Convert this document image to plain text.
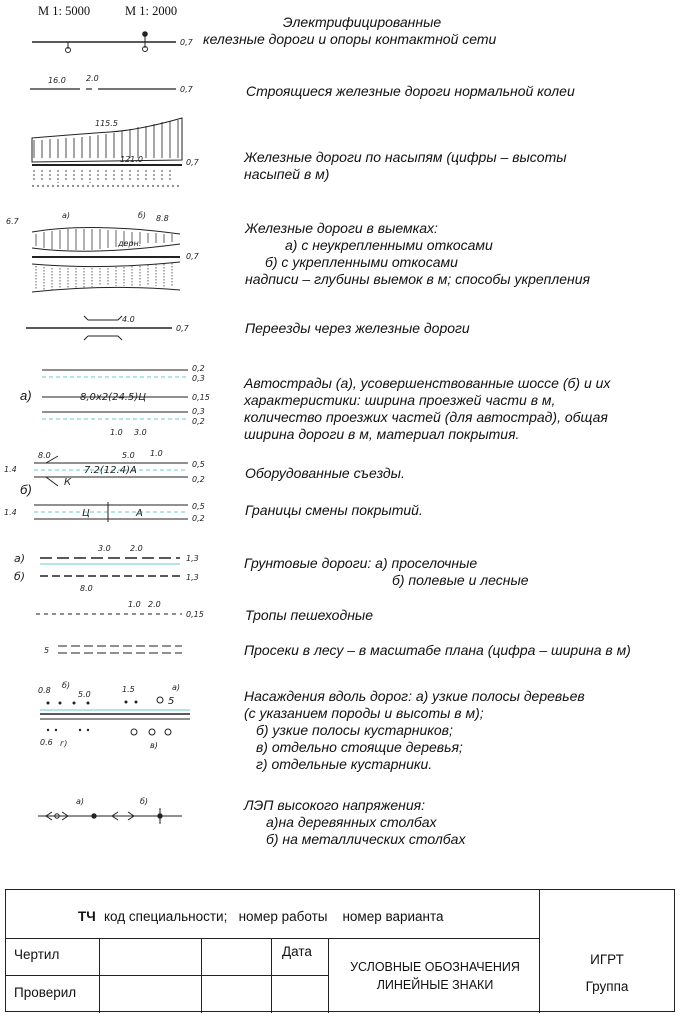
M 1: 5000	M 1: 2000
Электрифицированные
келезные дороги и опоры контактной сети
Строящиеся железные дороги нормальной колеи
Железные дороги по насыпям (цифры – высоты
насыпей в м)
Железные дороги в выемках:
а) с неукрепленными откосами
б) с укрепленными откосами
надписи – глубины выемок в м; способы укрепления
Переезды через железные дороги
Автострады (а), усовершенствованные шоссе (б) и их
характеристики: ширина проезжей части в м,
количество проезжих частей (для автострад), общая
ширина дороги в м, материал покрытия.
Оборудованные съезды.
Границы смены покрытий.
Грунтовые дороги: а) проселочные
б) полевые и лесные
Тропы пешеходные
Просеки в лесу – в масштабе плана (цифра – ширина в м)
Насаждения вдоль дорог: а) узкие полосы деревьев
(с указанием породы и высоты в м);
б) узкие полосы кустарников;
в) отдельно стоящие деревья;
г) отдельные кустарники.
ЛЭП высокого напряжения:
а)на деревянных столбах
б) на металлических столбах
а)
б)
0,7
16.0	2.0
0,7
115.5
121.0	0,7
6.7
а)	б) 8.8
дерн.
0,7
4.0
0,7
0,2
0,3
8,0x2(24.5)Ц	0,15
0,3
0,2
1.0 3.0
8.0	5.0 1.0
1.4
К
7.2(12.4)А
0,5
0,2
1.4	Ц	А
0,5
0,2
а)
б)
3.0 2.0
8.0
1,3
1,3
1.0 2.0
0,15
5
0.8
б)
5.0
1.5	а)
5
0.6 г)	в)
а)	б)
ТЧ код специальности;   номер работы    номер варианта
Чертил	Дата
Проверил
УСЛОВНЫЕ ОБОЗНАЧЕНИЯ
ЛИНЕЙНЫЕ ЗНАКИ
ИГРТ
Группа
